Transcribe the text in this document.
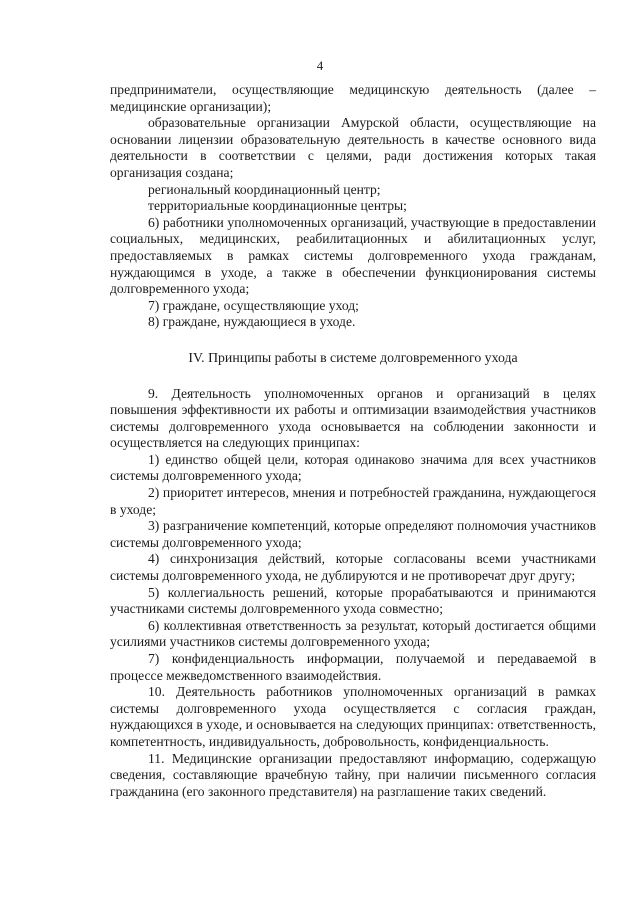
4

предприниматели, осуществляющие медицинскую деятельность (далее – медицинские организации);

образовательные организации Амурской области, осуществляющие на основании лицензии образовательную деятельность в качестве основного вида деятельности в соответствии с целями, ради достижения которых такая организация создана;

региональный координационный центр;

территориальные координационные центры;

6) работники уполномоченных организаций, участвующие в предоставлении социальных, медицинских, реабилитационных и абилитационных услуг, предоставляемых в рамках системы долговременного ухода гражданам, нуждающимся в уходе, а также в обеспечении функционирования системы долговременного ухода;

7) граждане, осуществляющие уход;

8) граждане, нуждающиеся в уходе.

IV. Принципы работы в системе долговременного ухода

9. Деятельность уполномоченных органов и организаций в целях повышения эффективности их работы и оптимизации взаимодействия участников системы долговременного ухода основывается на соблюдении законности и осуществляется на следующих принципах:

1) единство общей цели, которая одинаково значима для всех участников системы долговременного ухода;

2) приоритет интересов, мнения и потребностей гражданина, нуждающегося в уходе;

3) разграничение компетенций, которые определяют полномочия участников системы долговременного ухода;

4) синхронизация действий, которые согласованы всеми участниками системы долговременного ухода, не дублируются и не противоречат друг другу;

5) коллегиальность решений, которые прорабатываются и принимаются участниками системы долговременного ухода совместно;

6) коллективная ответственность за результат, который достигается общими усилиями участников системы долговременного ухода;

7) конфиденциальность информации, получаемой и передаваемой в процессе межведомственного взаимодействия.

10. Деятельность работников уполномоченных организаций в рамках системы долговременного ухода осуществляется с согласия граждан, нуждающихся в уходе, и основывается на следующих принципах: ответственность, компетентность, индивидуальность, добровольность, конфиденциальность.

11. Медицинские организации предоставляют информацию, содержащую сведения, составляющие врачебную тайну, при наличии письменного согласия гражданина (его законного представителя) на разглашение таких сведений.
